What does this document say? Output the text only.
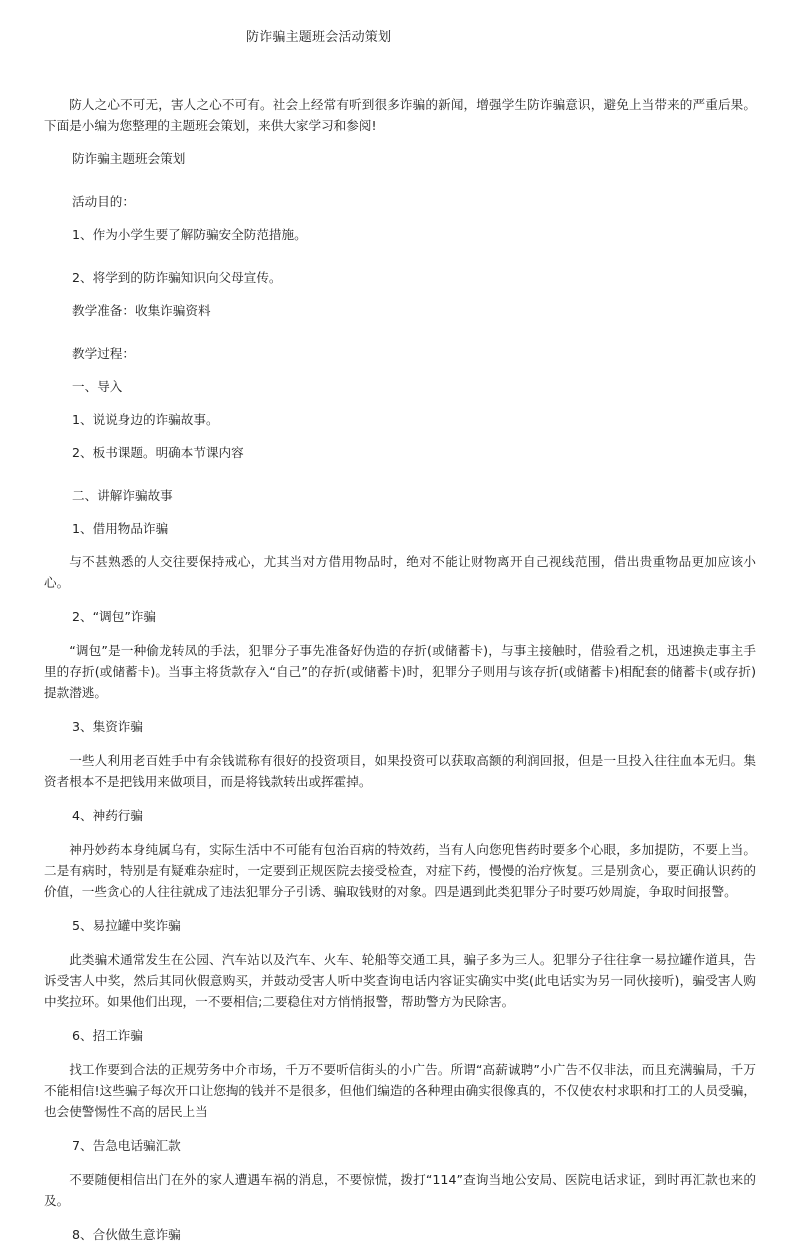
防诈骗主题班会活动策划

防人之心不可无，害人之心不可有。社会上经常有听到很多诈骗的新闻，增强学生防诈骗意识，避免上当带来的严重后果。下面是小编为您整理的主题班会策划，来供大家学习和参阅!

防诈骗主题班会策划

活动目的：

1、作为小学生要了解防骗安全防范措施。

2、将学到的防诈骗知识向父母宣传。

教学准备：收集诈骗资料

教学过程：

一、导入

1、说说身边的诈骗故事。

2、板书课题。明确本节课内容

二、讲解诈骗故事

1、借用物品诈骗

与不甚熟悉的人交往要保持戒心，尤其当对方借用物品时，绝对不能让财物离开自己视线范围，借出贵重物品更加应该小心。

2、“调包”诈骗

“调包”是一种偷龙转凤的手法，犯罪分子事先准备好伪造的存折(或储蓄卡)，与事主接触时，借验看之机，迅速换走事主手里的存折(或储蓄卡)。当事主将货款存入“自己”的存折(或储蓄卡)时，犯罪分子则用与该存折(或储蓄卡)相配套的储蓄卡(或存折)提款潜逃。

3、集资诈骗

一些人利用老百姓手中有余钱谎称有很好的投资项目，如果投资可以获取高额的利润回报，但是一旦投入往往血本无归。集资者根本不是把钱用来做项目，而是将钱款转出或挥霍掉。

4、神药行骗

神丹妙药本身纯属乌有，实际生活中不可能有包治百病的特效药，当有人向您兜售药时要多个心眼，多加提防，不要上当。二是有病时，特别是有疑难杂症时，一定要到正规医院去接受检查，对症下药，慢慢的治疗恢复。三是别贪心，要正确认识药的价值，一些贪心的人往往就成了违法犯罪分子引诱、骗取钱财的对象。四是遇到此类犯罪分子时要巧妙周旋，争取时间报警。

5、易拉罐中奖诈骗

此类骗术通常发生在公园、汽车站以及汽车、火车、轮船等交通工具，骗子多为三人。犯罪分子往往拿一易拉罐作道具，告诉受害人中奖，然后其同伙假意购买，并鼓动受害人听中奖查询电话内容证实确实中奖(此电话实为另一同伙接听)，骗受害人购中奖拉环。如果他们出现，一不要相信;二要稳住对方悄悄报警，帮助警方为民除害。

6、招工诈骗

找工作要到合法的正规劳务中介市场，千万不要听信街头的小广告。所谓“高薪诚聘”小广告不仅非法，而且充满骗局，千万不能相信!这些骗子每次开口让您掏的钱并不是很多，但他们编造的各种理由确实很像真的，不仅使农村求职和打工的人员受骗，也会使警惕性不高的居民上当

7、告急电话骗汇款

不要随便相信出门在外的家人遭遇车祸的消息，不要惊慌，拨打“114”查询当地公安局、医院电话求证，到时再汇款也来的及。

8、合伙做生意诈骗
